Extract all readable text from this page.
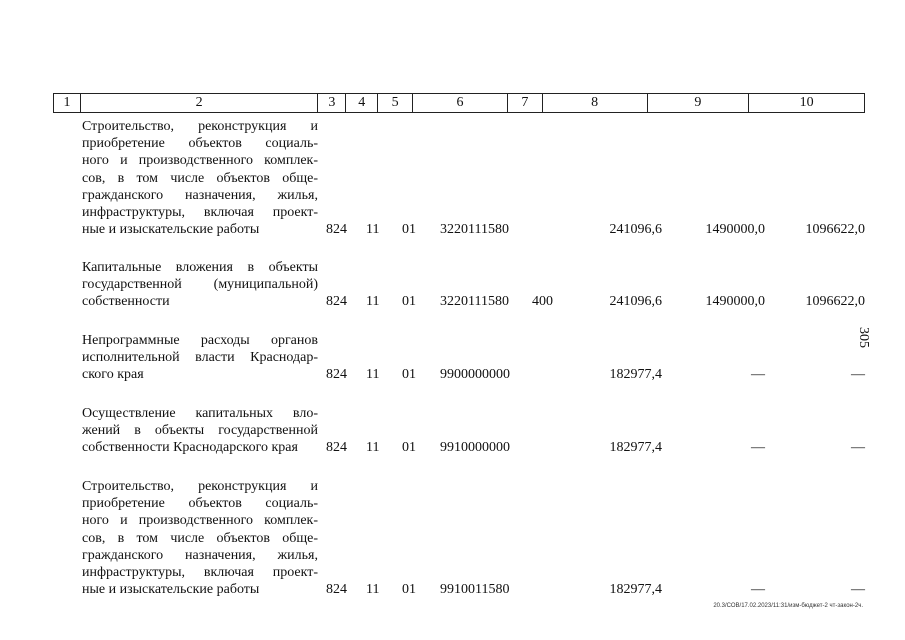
1	2	3	4	5	6	7	8	9	10
Строительство, реконструкция и
приобретение объектов социаль-
ного и производственного комплек-
сов, в том числе объектов обще-
гражданского назначения, жилья,
инфраструктуры, включая проект-
ные и изыскательские работы	824 11 01 3220111580	241096,6	1490000,0	1096622,0
Капитальные вложения в объекты
государственной (муниципальной)
собственности	824 11 01 3220111580 400	241096,6	1490000,0	1096622,0
Непрограммные расходы органов
исполнительной власти Краснодар-
ского края	824 11 01 9900000000	182977,4	—	—
Осуществление капитальных вло-
жений в объекты государственной
собственности Краснодарского края	824 11 01 9910000000	182977,4	—	—
Строительство, реконструкция и
приобретение объектов социаль-
ного и производственного комплек-
сов, в том числе объектов обще-
гражданского назначения, жилья,
инфраструктуры, включая проект-
ные и изыскательские работы	824 11 01 9910011580	182977,4	—	—
305
20.3/СОВ/17.02.2023/11:31/изм-бюджет-2 чт-закон-2ч.
